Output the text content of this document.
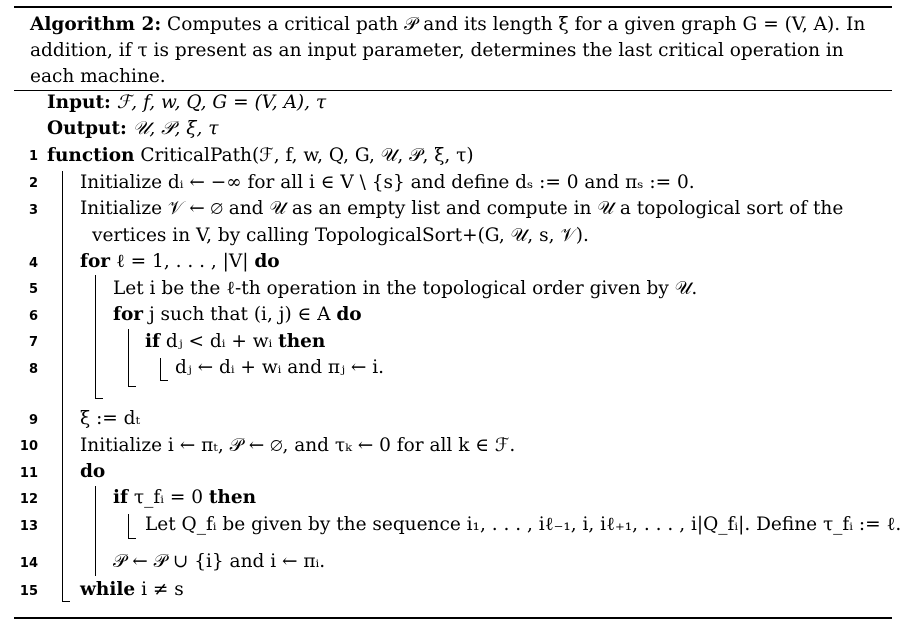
Algorithm 2: Computes a critical path 𝒫 and its length ξ for a given graph G = (V, A). In addition, if τ is present as an input parameter, determines the last critical operation in each machine.
Input: ℱ, f, w, Q, G = (V, A), τ
Output: 𝒰, 𝒫, ξ, τ
1 function CriticalPath(ℱ, f, w, Q, G, 𝒰, 𝒫, ξ, τ)
2 Initialize dᵢ ← −∞ for all i ∈ V \ {s} and define dₛ := 0 and πₛ := 0.
3 Initialize 𝒱 ← ∅ and 𝒰 as an empty list and compute in 𝒰 a topological sort of the
vertices in V, by calling TopologicalSort+(G, 𝒰, s, 𝒱).
4 for ℓ = 1, . . . , |V| do
5	Let i be the ℓ-th operation in the topological order given by 𝒰.
6	for j such that (i, j) ∈ A do
7	if dⱼ < dᵢ + wᵢ then
8	dⱼ ← dᵢ + wᵢ and πⱼ ← i.
9 ξ := dₜ
10 Initialize i ← πₜ, 𝒫 ← ∅, and τₖ ← 0 for all k ∈ ℱ.
11 do
12	if τ_fᵢ = 0 then
13	Let Q_fᵢ be given by the sequence i₁, . . . , iℓ₋₁, i, iℓ₊₁, . . . , i|Q_fᵢ|. Define τ_fᵢ := ℓ.
14	𝒫 ← 𝒫 ∪ {i} and i ← πᵢ.
15 while i ≠ s
